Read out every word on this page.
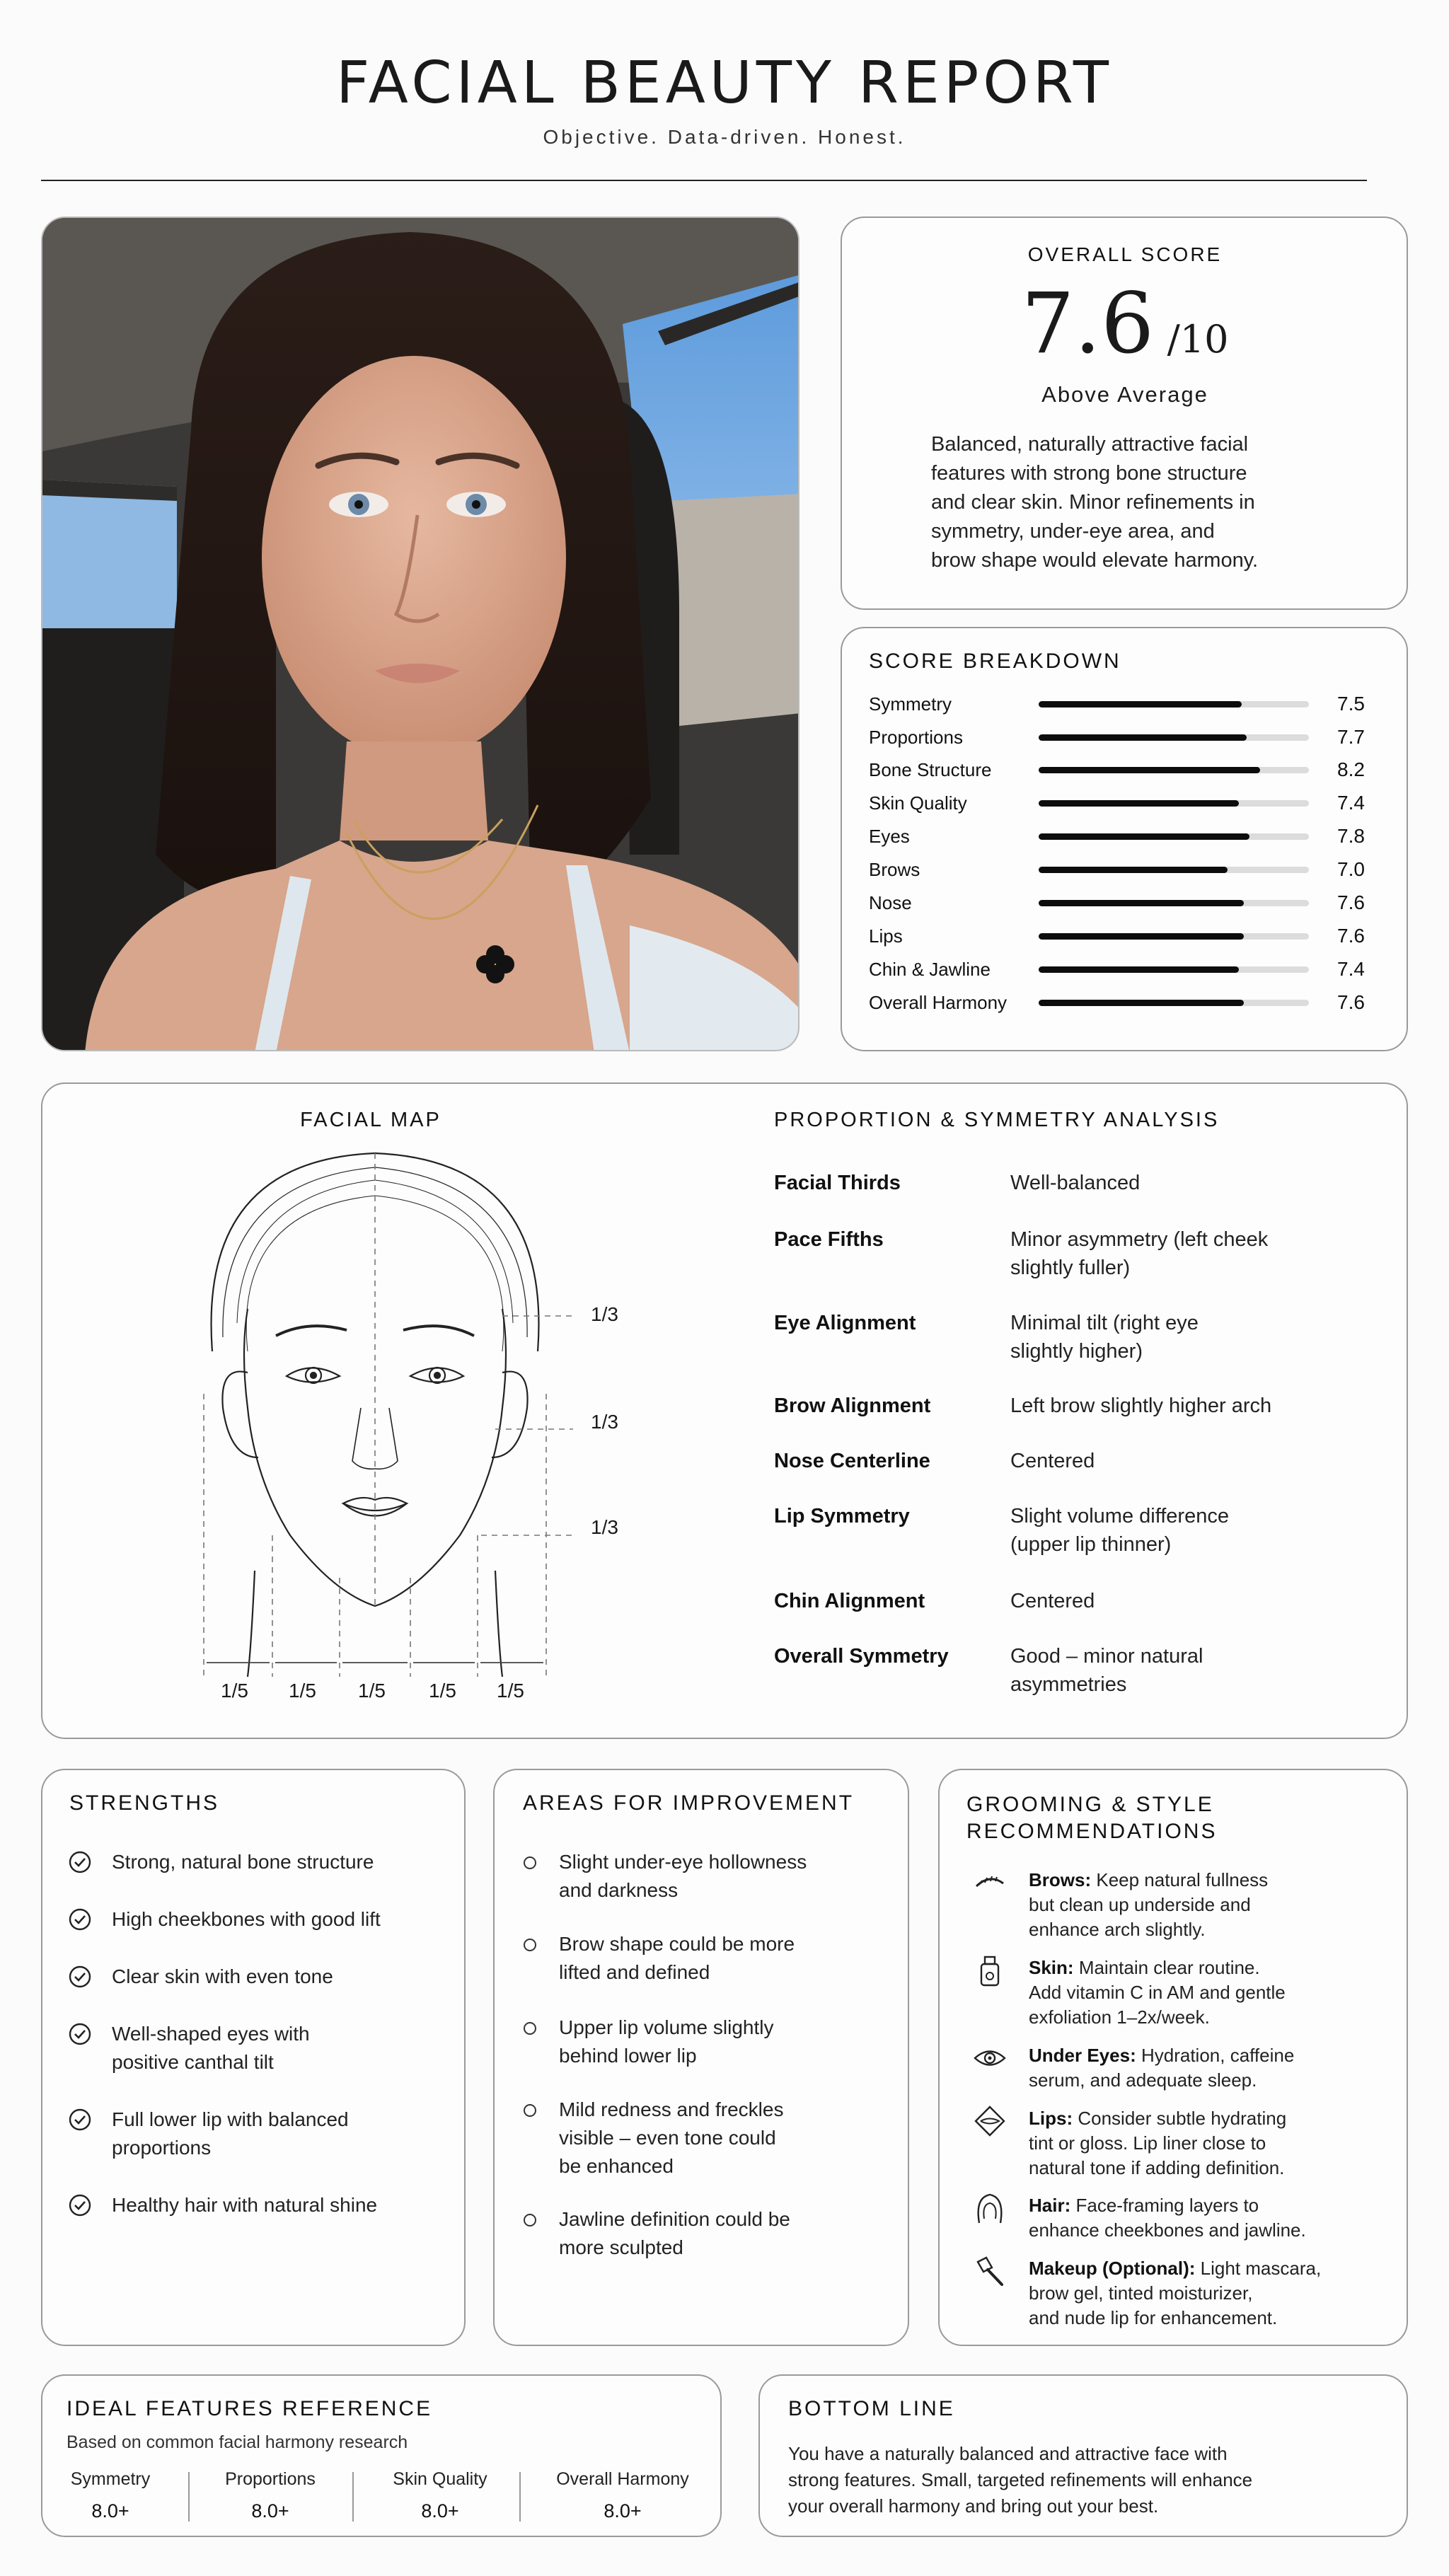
FACIAL BEAUTY REPORT
Objective. Data-driven. Honest.
OVERALL SCORE
7.6 /10
Above Average
Balanced, naturally attractive facial
features with strong bone structure
and clear skin. Minor refinements in
symmetry, under-eye area, and
brow shape would elevate harmony.
SCORE BREAKDOWN
Symmetry	7.5
Proportions	7.7
Bone Structure	8.2
Skin Quality	7.4
Eyes	7.8
Brows	7.0
Nose	7.6
Lips	7.6
Chin & Jawline	7.4
Overall Harmony	7.6
FACIAL MAP
1/3
1/3
1/3
1/5 1/5 1/5 1/5 1/5
PROPORTION & SYMMETRY ANALYSIS
Facial Thirds	Well-balanced
Pace Fifths	Minor asymmetry (left cheek
slightly fuller)
Eye Alignment	Minimal tilt (right eye
slightly higher)
Brow Alignment	Left brow slightly higher arch
Nose Centerline	Centered
Lip Symmetry	Slight volume difference
(upper lip thinner)
Chin Alignment	Centered
Overall Symmetry	Good – minor natural
asymmetries
STRENGTHS
Strong, natural bone structure
High cheekbones with good lift
Clear skin with even tone
Well-shaped eyes with
positive canthal tilt
Full lower lip with balanced
proportions
Healthy hair with natural shine
AREAS FOR IMPROVEMENT
Slight under-eye hollowness
and darkness
Brow shape could be more
lifted and defined
Upper lip volume slightly
behind lower lip
Mild redness and freckles
visible – even tone could
be enhanced
Jawline definition could be
more sculpted
GROOMING & STYLE
RECOMMENDATIONS
Brows: Keep natural fullness
but clean up underside and
enhance arch slightly.
Skin: Maintain clear routine.
Add vitamin C in AM and gentle
exfoliation 1–2x/week.
Under Eyes: Hydration, caffeine
serum, and adequate sleep.
Lips: Consider subtle hydrating
tint or gloss. Lip liner close to
natural tone if adding definition.
Hair: Face-framing layers to
enhance cheekbones and jawline.
Makeup (Optional): Light mascara,
brow gel, tinted moisturizer,
and nude lip for enhancement.
IDEAL FEATURES REFERENCE
Based on common facial harmony research
Symmetry
8.0+
Proportions
8.0+
Skin Quality
8.0+
Overall Harmony
8.0+
BOTTOM LINE
You have a naturally balanced and attractive face with
strong features. Small, targeted refinements will enhance
your overall harmony and bring out your best.
